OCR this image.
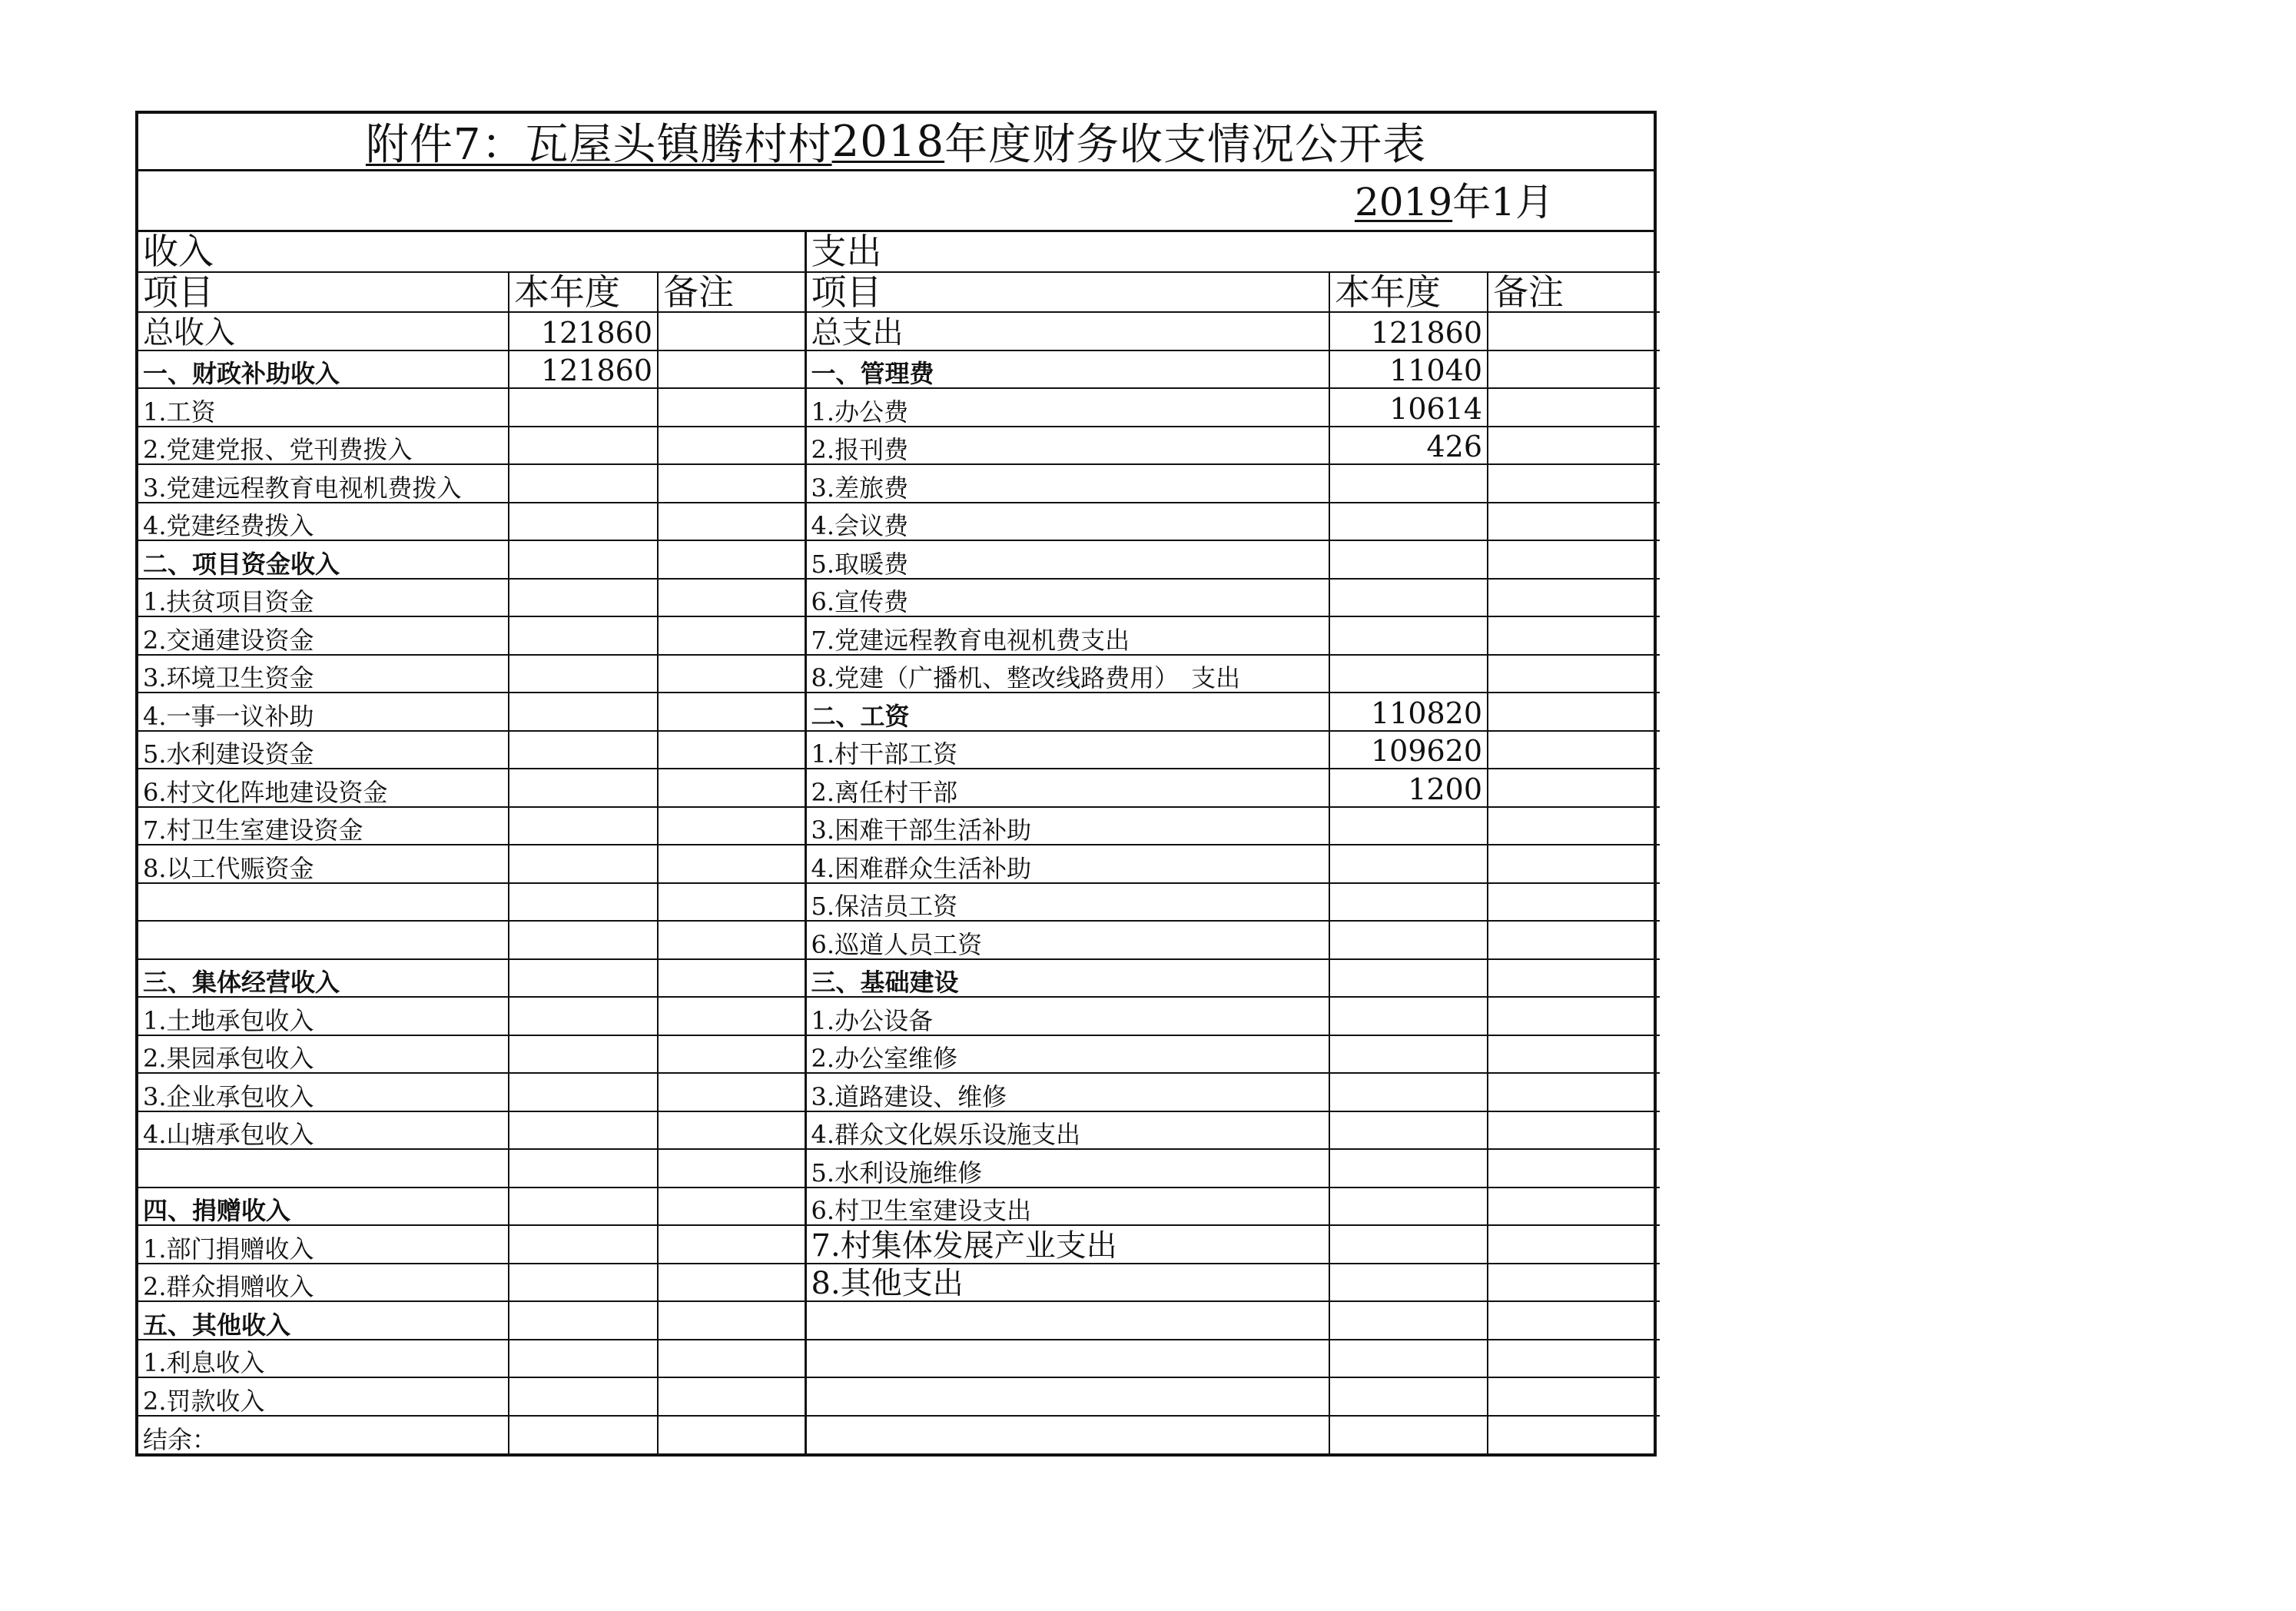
附件7：瓦屋头镇腾村村 2018 年度财务收支情况公开表
2019年1月
收入			支出		
项目	本年度	备注	项目	本年度	备注
总收入	121860		总支出	121860	
一、财政补助收入	121860		一、管理费	11040	
1.工资			1.办公费	10614	
2.党建党报、党刊费拨入			2.报刊费	426	
3.党建远程教育电视机费拨入			3.差旅费		
4.党建经费拨入			4.会议费		
二、项目资金收入			5.取暖费		
1.扶贫项目资金			6.宣传费		
2.交通建设资金			7.党建远程教育电视机费支出		
3.环境卫生资金			8.党建（广播机、整改线路费用）　支出		
4.一事一议补助			二、工资	110820	
5.水利建设资金			1.村干部工资	109620	
6.村文化阵地建设资金			2.离任村干部	1200	
7.村卫生室建设资金			3.困难干部生活补助		
8.以工代赈资金			4.困难群众生活补助		
			5.保洁员工资		
			6.巡道人员工资		
三、集体经营收入			三、基础建设		
1.土地承包收入			1.办公设备		
2.果园承包收入			2.办公室维修		
3.企业承包收入			3.道路建设、维修		
4.山塘承包收入			4.群众文化娱乐设施支出		
			5.水利设施维修		
四、捐赠收入			6.村卫生室建设支出		
1.部门捐赠收入			7.村集体发展产业支出		
2.群众捐赠收入			8.其他支出		
五、其他收入					
1.利息收入					
2.罚款收入					
结余：					
